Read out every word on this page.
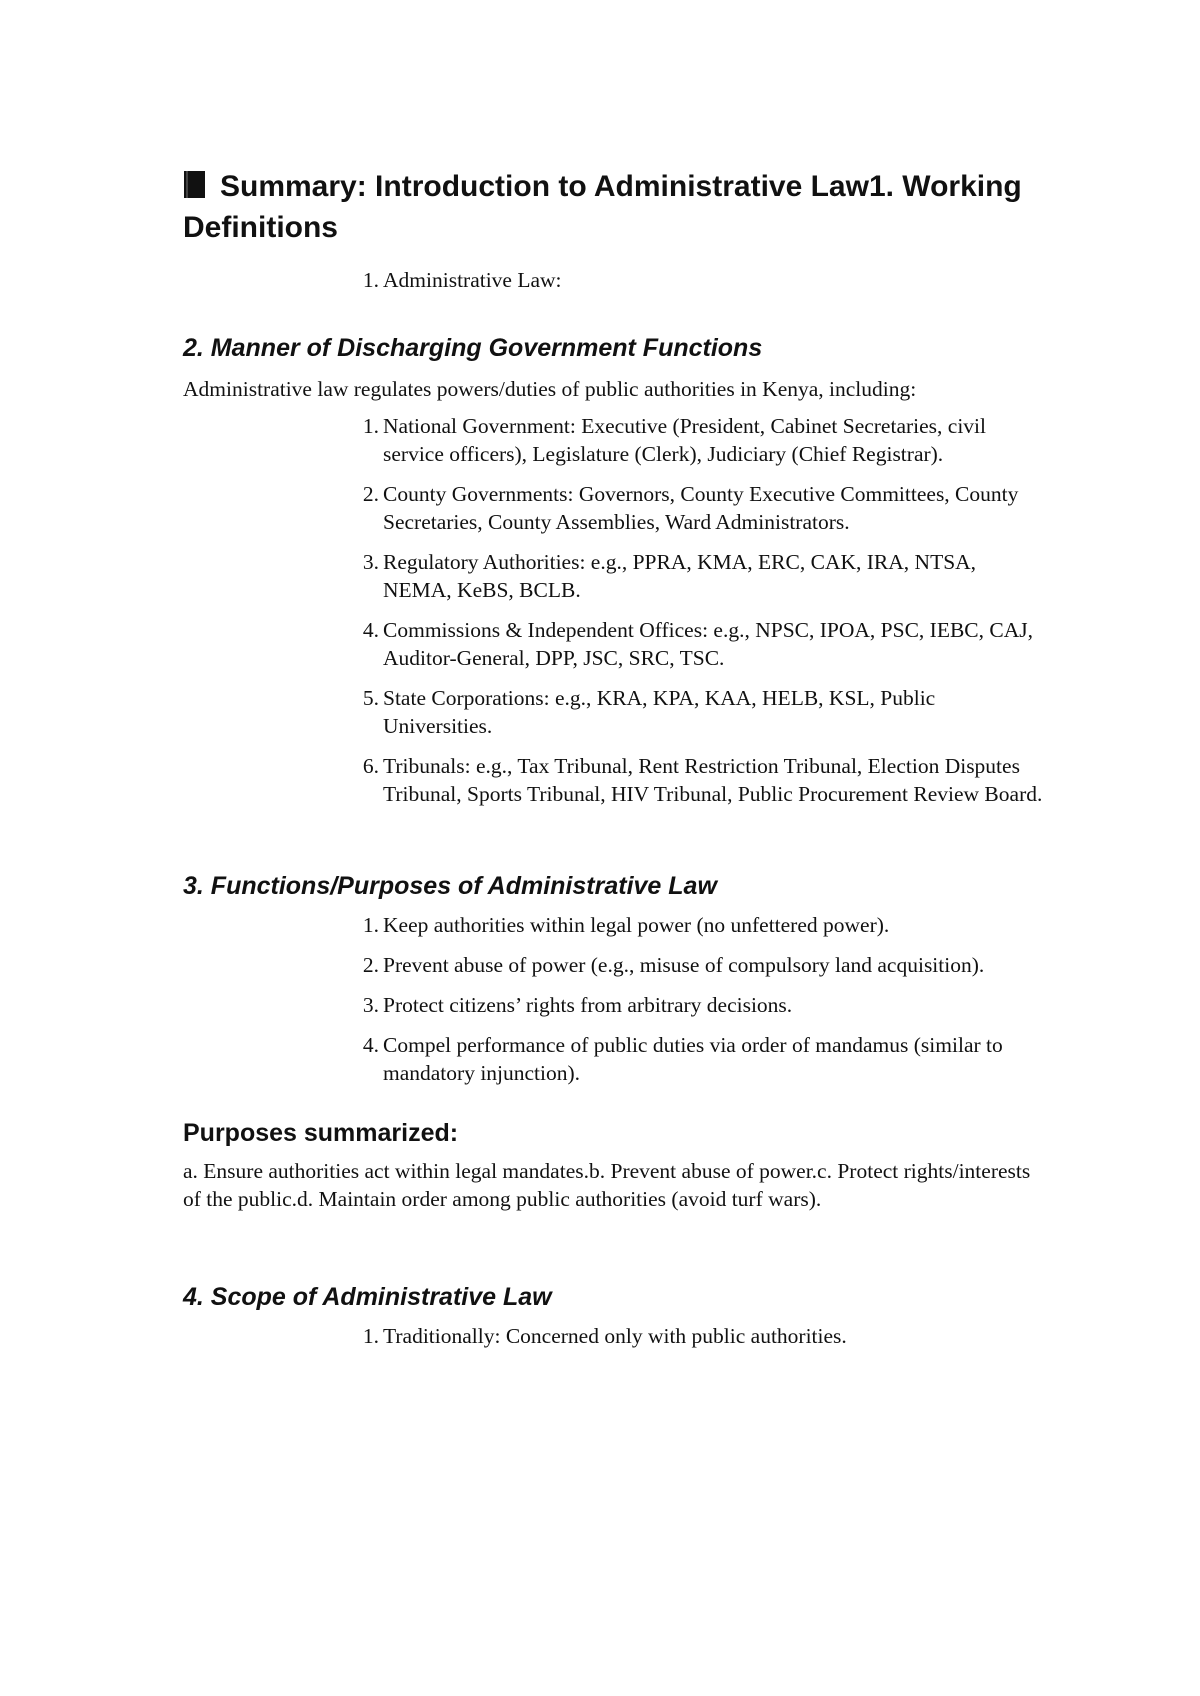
Summary: Introduction to Administrative Law1. Working Definitions
1. Administrative Law:
2. Manner of Discharging Government Functions

Administrative law regulates powers/duties of public authorities in Kenya, including:

1. National Government: Executive (President, Cabinet Secretaries, civil service officers), Legislature (Clerk), Judiciary (Chief Registrar).
2. County Governments: Governors, County Executive Committees, County Secretaries, County Assemblies, Ward Administrators.
3. Regulatory Authorities: e.g., PPRA, KMA, ERC, CAK, IRA, NTSA, NEMA, KeBS, BCLB.
4. Commissions & Independent Offices: e.g., NPSC, IPOA, PSC, IEBC, CAJ, Auditor-General, DPP, JSC, SRC, TSC.
5. State Corporations: e.g., KRA, KPA, KAA, HELB, KSL, Public Universities.
6. Tribunals: e.g., Tax Tribunal, Rent Restriction Tribunal, Election Disputes Tribunal, Sports Tribunal, HIV Tribunal, Public Procurement Review Board.
3. Functions/Purposes of Administrative Law
1. Keep authorities within legal power (no unfettered power).
2. Prevent abuse of power (e.g., misuse of compulsory land acquisition).
3. Protect citizens’ rights from arbitrary decisions.
4. Compel performance of public duties via order of mandamus (similar to mandatory injunction).
Purposes summarized:

a. Ensure authorities act within legal mandates.b. Prevent abuse of power.c. Protect rights/interests of the public.d. Maintain order among public authorities (avoid turf wars).

4. Scope of Administrative Law
1. Traditionally: Concerned only with public authorities.
